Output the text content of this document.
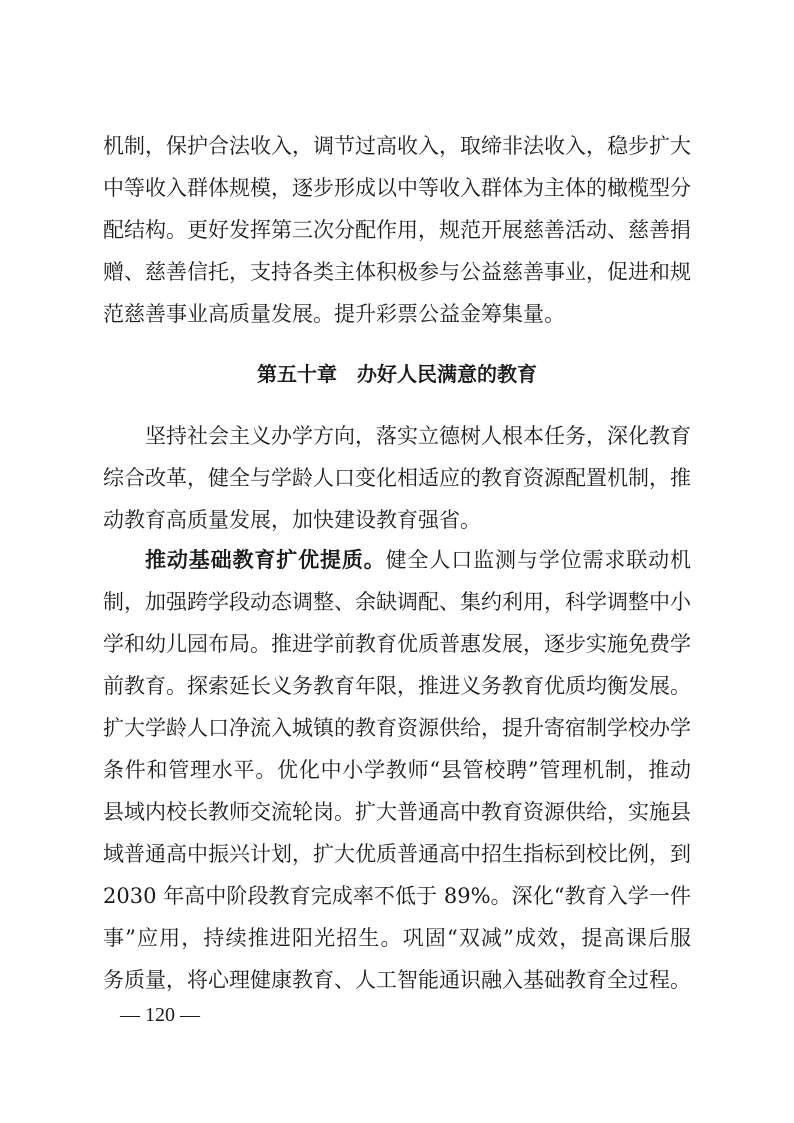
机制，保护合法收入，调节过高收入，取缔非法收入，稳步扩大
中等收入群体规模，逐步形成以中等收入群体为主体的橄榄型分
配结构。更好发挥第三次分配作用，规范开展慈善活动、慈善捐
赠、慈善信托，支持各类主体积极参与公益慈善事业，促进和规
范慈善事业高质量发展。提升彩票公益金筹集量。
第五十章　办好人民满意的教育
坚持社会主义办学方向，落实立德树人根本任务，深化教育
综合改革，健全与学龄人口变化相适应的教育资源配置机制，推
动教育高质量发展，加快建设教育强省。
推动基础教育扩优提质。健全人口监测与学位需求联动机
制，加强跨学段动态调整、余缺调配、集约利用，科学调整中小
学和幼儿园布局。推进学前教育优质普惠发展，逐步实施免费学
前教育。探索延长义务教育年限，推进义务教育优质均衡发展。
扩大学龄人口净流入城镇的教育资源供给，提升寄宿制学校办学
条件和管理水平。优化中小学教师“县管校聘”管理机制，推动
县域内校长教师交流轮岗。扩大普通高中教育资源供给，实施县
域普通高中振兴计划，扩大优质普通高中招生指标到校比例，到
2030 年高中阶段教育完成率不低于 89%。深化“教育入学一件
事”应用，持续推进阳光招生。巩固“双减”成效，提高课后服
务质量，将心理健康教育、人工智能通识融入基础教育全过程。
— 120 —
